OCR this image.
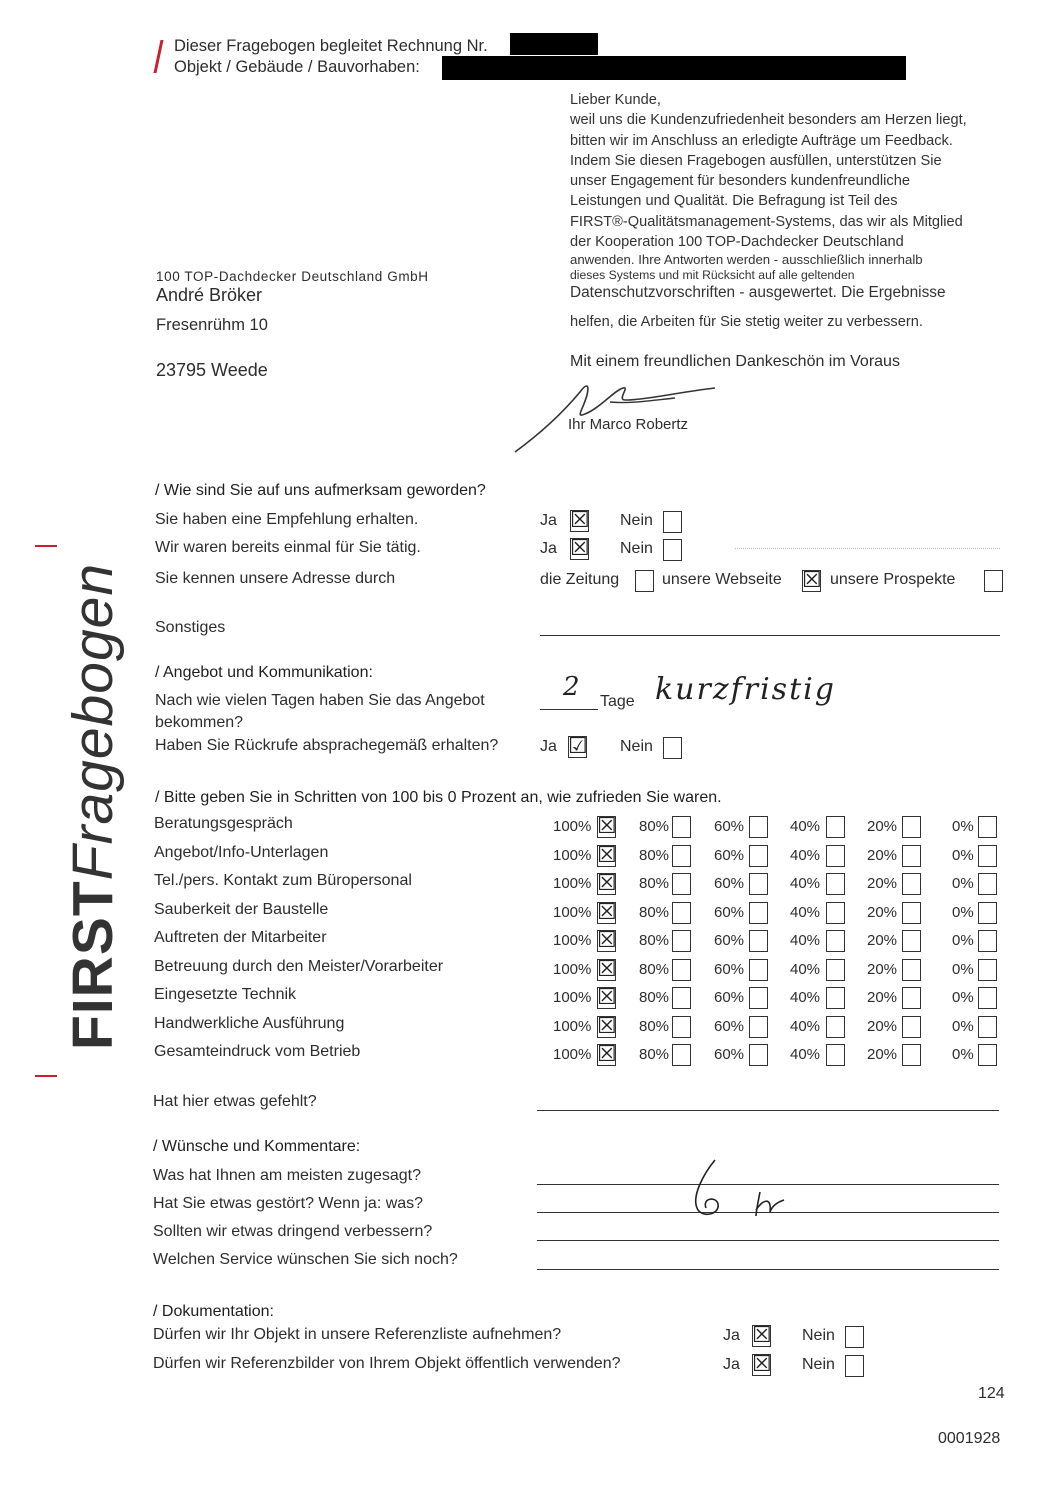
Dieser Fragebogen begleitet Rechnung Nr.
Objekt / Gebäude / Bauvorhaben:
100 TOP-Dachdecker Deutschland GmbH
André Bröker
Fresenrühm 10
23795 Weede

Lieber Kunde,

weil uns die Kundenzufriedenheit besonders am Herzen liegt,

bitten wir im Anschluss an erledigte Aufträge um Feedback.

Indem Sie diesen Fragebogen ausfüllen, unterstützen Sie

unser Engagement für besonders kundenfreundliche

Leistungen und Qualität. Die Befragung ist Teil des

FIRST®-Qualitätsmanagement-Systems, das wir als Mitglied

der Kooperation 100 TOP-Dachdecker Deutschland

anwenden. Ihre Antworten werden - ausschließlich innerhalb

dieses Systems und mit Rücksicht auf alle geltenden

Datenschutzvorschriften - ausgewertet. Die Ergebnisse

helfen, die Arbeiten für Sie stetig weiter zu verbessern.

Mit einem freundlichen Dankeschön im Voraus
Ihr Marco Robertz
FIRSTFragebogen
/ Wie sind Sie auf uns aufmerksam geworden?
Sie haben eine Empfehlung erhalten.	Ja ☒ Nein
Wir waren bereits einmal für Sie tätig.	Ja ☒ Nein
Sie kennen unsere Adresse durch	die Zeitung	unsere Webseite ☒ unsere Prospekte
Sonstiges
/ Angebot und Kommunikation:
Nach wie vielen Tagen haben Sie das Angebot
bekommen?
2 Tage kurzfristig
Haben Sie Rückrufe absprachegemäß erhalten?	Ja ☑ Nein
/ Bitte geben Sie in Schritten von 100 bis 0 Prozent an, wie zufrieden Sie waren.
Beratungsgespräch	100% ☒ 80%	60%	40%	20%	0%
Angebot/Info-Unterlagen	100% ☒ 80%	60%	40%	20%	0%
Tel./pers. Kontakt zum Büropersonal	100% ☒ 80%	60%	40%	20%	0%
Sauberkeit der Baustelle	100% ☒ 80%	60%	40%	20%	0%
Auftreten der Mitarbeiter	100% ☒ 80%	60%	40%	20%	0%
Betreuung durch den Meister/Vorarbeiter	100% ☒ 80%	60%	40%	20%	0%
Eingesetzte Technik	100% ☒ 80%	60%	40%	20%	0%
Handwerkliche Ausführung	100% ☒ 80%	60%	40%	20%	0%
Gesamteindruck vom Betrieb	100% ☒ 80%	60%	40%	20%	0%
Hat hier etwas gefehlt?
/ Wünsche und Kommentare:
Was hat Ihnen am meisten zugesagt?
Hat Sie etwas gestört? Wenn ja: was?
Sollten wir etwas dringend verbessern?
Welchen Service wünschen Sie sich noch?
/ Dokumentation:
Dürfen wir Ihr Objekt in unsere Referenzliste aufnehmen?	Ja ☒ Nein
Dürfen wir Referenzbilder von Ihrem Objekt öffentlich verwenden?	Ja ☒ Nein
124
0001928
